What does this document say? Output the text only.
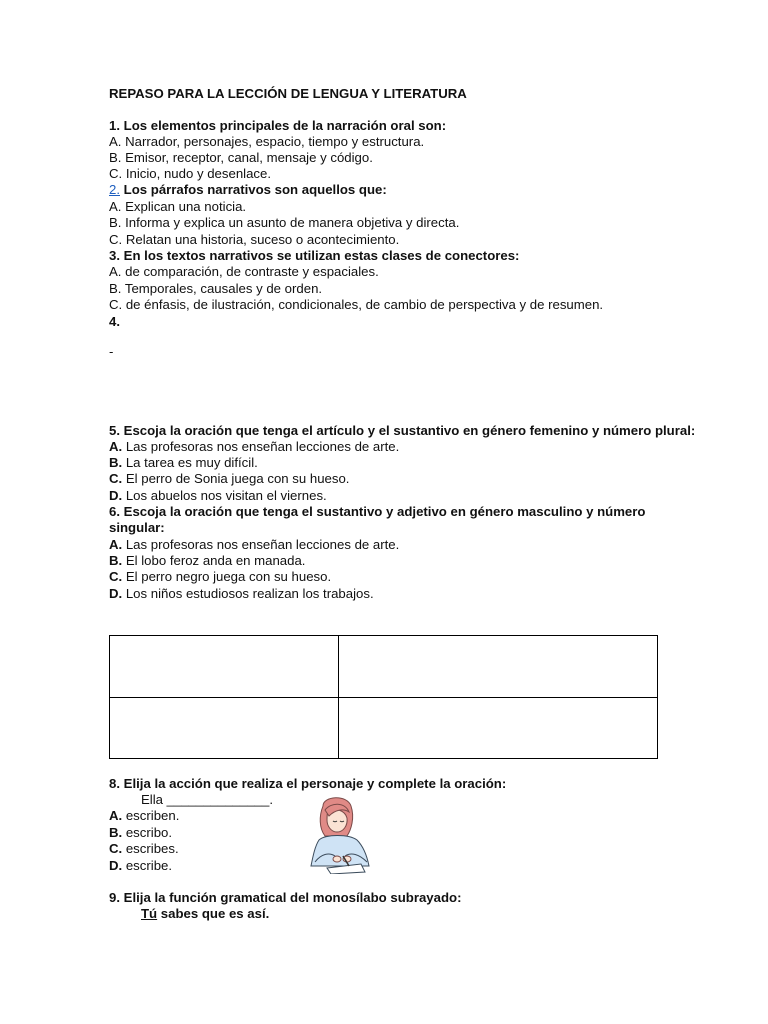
REPASO PARA LA LECCIÓN DE LENGUA Y LITERATURA
1. Los elementos principales de la narración oral son:
A. Narrador, personajes, espacio, tiempo y estructura.
B. Emisor, receptor, canal, mensaje y código.
C. Inicio, nudo y desenlace.
2. Los párrafos narrativos son aquellos que:
A. Explican una noticia.
B. Informa y explica un asunto de manera objetiva y directa.
C. Relatan una historia, suceso o acontecimiento.
3. En los textos narrativos se utilizan estas clases de conectores:
A. de comparación, de contraste y espaciales.
B. Temporales, causales y de orden.
C. de énfasis, de ilustración, condicionales, de cambio de perspectiva y de resumen.
4.
-
5. Escoja la oración que tenga el artículo y el sustantivo en género femenino y número plural:
A. Las profesoras nos enseñan lecciones de arte.
B. La tarea es muy difícil.
C. El perro de Sonia juega con su hueso.
D. Los abuelos nos visitan el viernes.
6. Escoja la oración que tenga el sustantivo y adjetivo en género masculino y número
singular:
A. Las profesoras nos enseñan lecciones de arte.
B. El lobo feroz anda en manada.
C. El perro negro juega con su hueso.
D. Los niños estudiosos realizan los trabajos.
8. Elija la acción que realiza el personaje y complete la oración:
Ella ______________.
A. escriben.
B. escribo.
C. escribes.
D. escribe.
9. Elija la función gramatical del monosílabo subrayado:
Tú sabes que es así.
